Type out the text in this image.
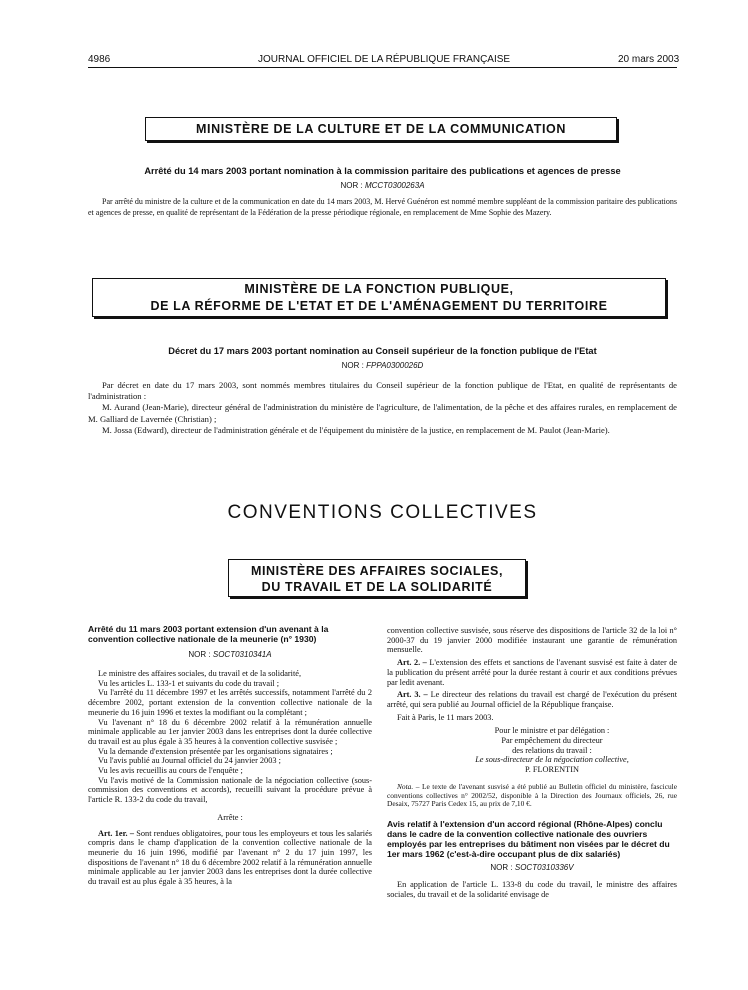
4986	JOURNAL OFFICIEL DE LA RÉPUBLIQUE FRANÇAISE	20 mars 2003
MINISTÈRE DE LA CULTURE ET DE LA COMMUNICATION
Arrêté du 14 mars 2003 portant nomination à la commission paritaire des publications et agences de presse
NOR : MCCT0300263A

Par arrêté du ministre de la culture et de la communication en date du 14 mars 2003, M. Hervé Guénéron est nommé membre suppléant de la commission paritaire des publications et agences de presse, en qualité de représentant de la Fédération de la presse périodique régionale, en remplacement de Mme Sophie des Mazery.

MINISTÈRE DE LA FONCTION PUBLIQUE,
DE LA RÉFORME DE L'ETAT ET DE L'AMÉNAGEMENT DU TERRITOIRE
Décret du 17 mars 2003 portant nomination au Conseil supérieur de la fonction publique de l'Etat
NOR : FPPA0300026D

Par décret en date du 17 mars 2003, sont nommés membres titulaires du Conseil supérieur de la fonction publique de l'Etat, en qualité de représentants de l'administration :

M. Aurand (Jean-Marie), directeur général de l'administration du ministère de l'agriculture, de l'alimentation, de la pêche et des affaires rurales, en remplacement de M. Galliard de Lavernée (Christian) ;

M. Jossa (Edward), directeur de l'administration générale et de l'équipement du ministère de la justice, en remplacement de M. Paulot (Jean-Marie).

CONVENTIONS COLLECTIVES
MINISTÈRE DES AFFAIRES SOCIALES,
DU TRAVAIL ET DE LA SOLIDARITÉ
Arrêté du 11 mars 2003 portant extension d'un avenant à la convention collective nationale de la meunerie (n° 1930)
NOR : SOCT0310341A

Le ministre des affaires sociales, du travail et de la solidarité,

Vu les articles L. 133-1 et suivants du code du travail ;

Vu l'arrêté du 11 décembre 1997 et les arrêtés successifs, notamment l'arrêté du 2 décembre 2002, portant extension de la convention collective nationale de la meunerie du 16 juin 1996 et textes la modifiant ou la complétant ;

Vu l'avenant n° 18 du 6 décembre 2002 relatif à la rémunération annuelle minimale applicable au 1er janvier 2003 dans les entreprises dont la durée collective du travail est au plus égale à 35 heures à la convention collective susvisée ;

Vu la demande d'extension présentée par les organisations signataires ;

Vu l'avis publié au Journal officiel du 24 janvier 2003 ;

Vu les avis recueillis au cours de l'enquête ;

Vu l'avis motivé de la Commission nationale de la négociation collective (sous-commission des conventions et accords), recueilli suivant la procédure prévue à l'article R. 133-2 du code du travail,

Arrête :

Art. 1er. – Sont rendues obligatoires, pour tous les employeurs et tous les salariés compris dans le champ d'application de la convention collective nationale de la meunerie du 16 juin 1996, modifié par l'avenant n° 2 du 17 juin 1997, les dispositions de l'avenant n° 18 du 6 décembre 2002 relatif à la rémunération annuelle minimale applicable au 1er janvier 2003 dans les entreprises dont la durée collective du travail est au plus égale à 35 heures, à la

convention collective susvisée, sous réserve des dispositions de l'article 32 de la loi n° 2000-37 du 19 janvier 2000 modifiée instaurant une garantie de rémunération mensuelle.

Art. 2. – L'extension des effets et sanctions de l'avenant susvisé est faite à dater de la publication du présent arrêté pour la durée restant à courir et aux conditions prévues par ledit avenant.

Art. 3. – Le directeur des relations du travail est chargé de l'exécution du présent arrêté, qui sera publié au Journal officiel de la République française.

Fait à Paris, le 11 mars 2003.

Pour le ministre et par délégation :
Par empêchement du directeur
des relations du travail :
Le sous-directeur de la négociation collective,
P. FLORENTIN
Nota. – Le texte de l'avenant susvisé a été publié au Bulletin officiel du ministère, fascicule conventions collectives n° 2002/52, disponible à la Direction des Journaux officiels, 26, rue Desaix, 75727 Paris Cedex 15, au prix de 7,10 €.
Avis relatif à l'extension d'un accord régional (Rhône-Alpes) conclu dans le cadre de la convention collective nationale des ouvriers employés par les entreprises du bâtiment non visées par le décret du 1er mars 1962 (c'est-à-dire occupant plus de dix salariés)
NOR : SOCT0310336V

En application de l'article L. 133-8 du code du travail, le ministre des affaires sociales, du travail et de la solidarité envisage de
